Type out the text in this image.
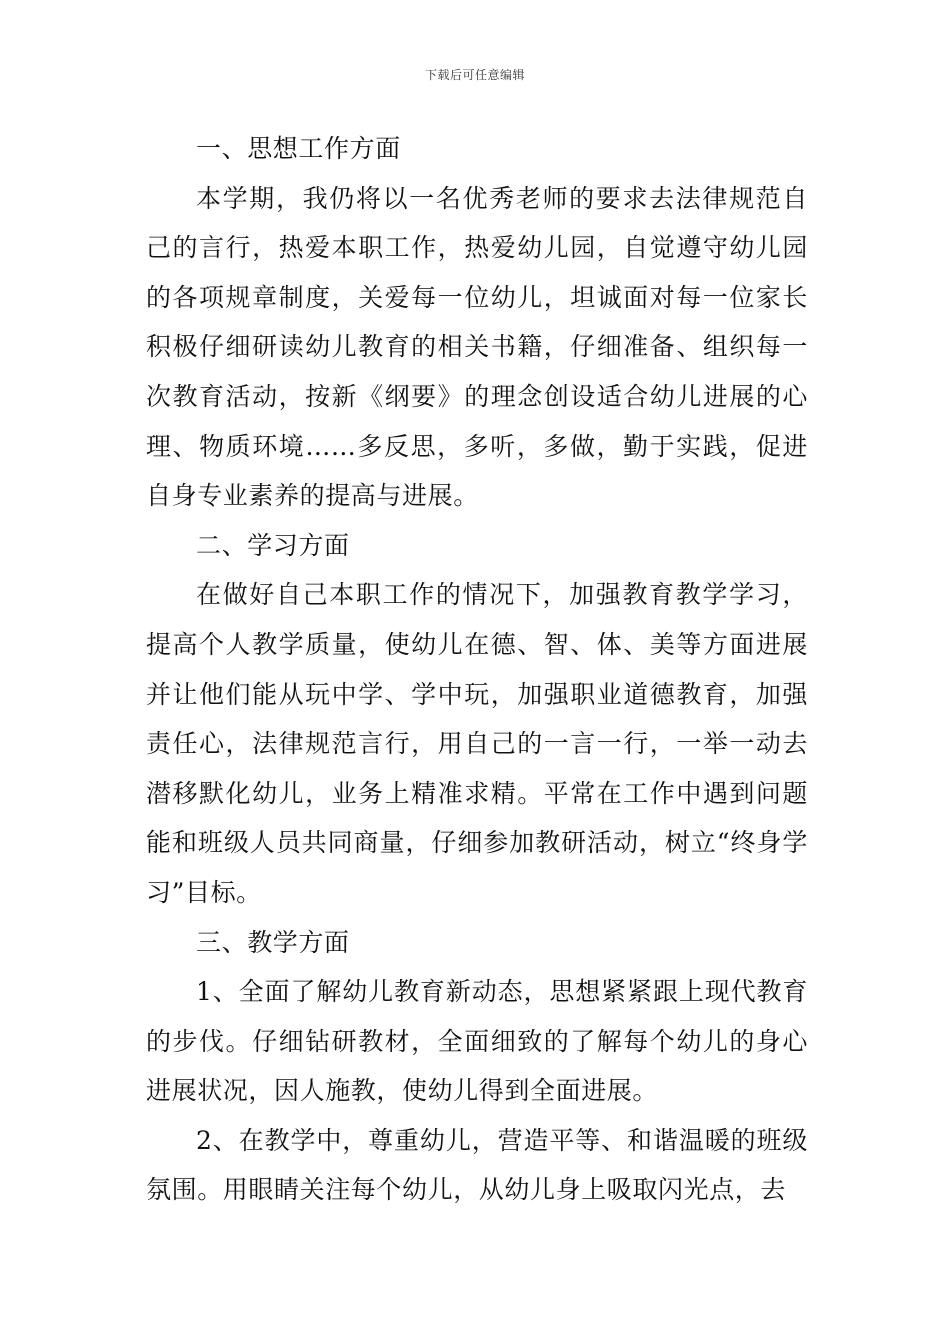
下载后可任意编辑

一、思想工作方面

本学期，我仍将以一名优秀老师的要求去法律规范自己的言行，热爱本职工作，热爱幼儿园，自觉遵守幼儿园的各项规章制度，关爱每一位幼儿，坦诚面对每一位家长积极仔细研读幼儿教育的相关书籍，仔细准备、组织每一次教育活动，按新《纲要》的理念创设适合幼儿进展的心理、物质环境……多反思，多听，多做，勤于实践，促进自身专业素养的提高与进展。

二、学习方面

在做好自己本职工作的情况下，加强教育教学学习，提高个人教学质量，使幼儿在德、智、体、美等方面进展并让他们能从玩中学、学中玩，加强职业道德教育，加强责任心，法律规范言行，用自己的一言一行，一举一动去潜移默化幼儿，业务上精准求精。平常在工作中遇到问题能和班级人员共同商量，仔细参加教研活动，树立“终身学习”目标。

三、教学方面

1、全面了解幼儿教育新动态，思想紧紧跟上现代教育的步伐。仔细钻研教材，全面细致的了解每个幼儿的身心进展状况，因人施教，使幼儿得到全面进展。

2、在教学中，尊重幼儿，营造平等、和谐温暖的班级氛围。用眼睛关注每个幼儿，从幼儿身上吸取闪光点，去
